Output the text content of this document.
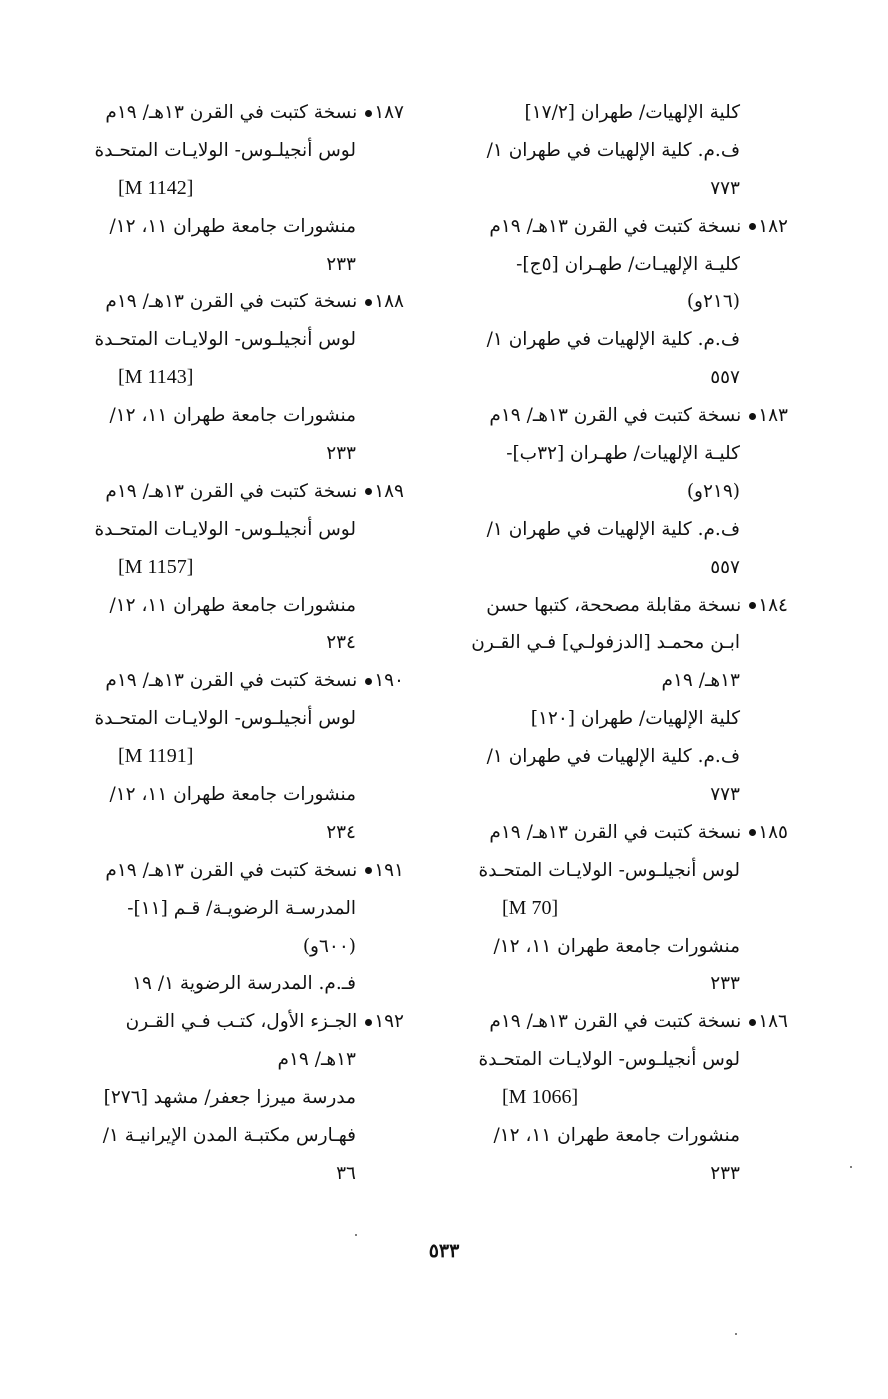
كلية الإلهيات/ طهران [١٧/٢]
ف.م. كلية الإلهيات في طهران ١/
٧٧٣
١٨٢ نسخة كتبت في القرن ١٣هـ/ ١٩م
كليـة الإلهيـات/ طهـران [٥ج]-
(٢١٦و)
ف.م. كلية الإلهيات في طهران ١/
٥٥٧
١٨٣ نسخة كتبت في القرن ١٣هـ/ ١٩م
كليـة الإلهيات/ طهـران [٣٢ب]-
(٢١٩و)
ف.م. كلية الإلهيات في طهران ١/
٥٥٧
١٨٤ نسخة مقابلة مصححة، كتبها حسن
ابـن محمـد [الدزفولـي] فـي القـرن
١٣هـ/ ١٩م
كلية الإلهيات/ طهران [١٢٠]
ف.م. كلية الإلهيات في طهران ١/
٧٧٣
١٨٥ نسخة كتبت في القرن ١٣هـ/ ١٩م
لوس أنجيلـوس- الولايـات المتحـدة
[M 70]
منشورات جامعة طهران ١١، ١٢/
٢٣٣
١٨٦ نسخة كتبت في القرن ١٣هـ/ ١٩م
لوس أنجيلـوس- الولايـات المتحـدة
[M 1066]
منشورات جامعة طهران ١١، ١٢/
٢٣٣
١٨٧ نسخة كتبت في القرن ١٣هـ/ ١٩م
لوس أنجيلـوس- الولايـات المتحـدة
[M 1142]
منشورات جامعة طهران ١١، ١٢/
٢٣٣
١٨٨ نسخة كتبت في القرن ١٣هـ/ ١٩م
لوس أنجيلـوس- الولايـات المتحـدة
[M 1143]
منشورات جامعة طهران ١١، ١٢/
٢٣٣
١٨٩ نسخة كتبت في القرن ١٣هـ/ ١٩م
لوس أنجيلـوس- الولايـات المتحـدة
[M 1157]
منشورات جامعة طهران ١١، ١٢/
٢٣٤
١٩٠ نسخة كتبت في القرن ١٣هـ/ ١٩م
لوس أنجيلـوس- الولايـات المتحـدة
[M 1191]
منشورات جامعة طهران ١١، ١٢/
٢٣٤
١٩١ نسخة كتبت في القرن ١٣هـ/ ١٩م
المدرسـة الرضويـة/ قـم [١١]-
(٦٠٠و)
فـ.م. المدرسة الرضوية ١/ ١٩
١٩٢ الجـزء الأول، كتـب فـي القـرن
١٣هـ/ ١٩م
مدرسة ميرزا جعفر/ مشهد [٢٧٦]
فهـارس مكتبـة المدن الإيرانيـة ١/
٣٦
٥٣٣
